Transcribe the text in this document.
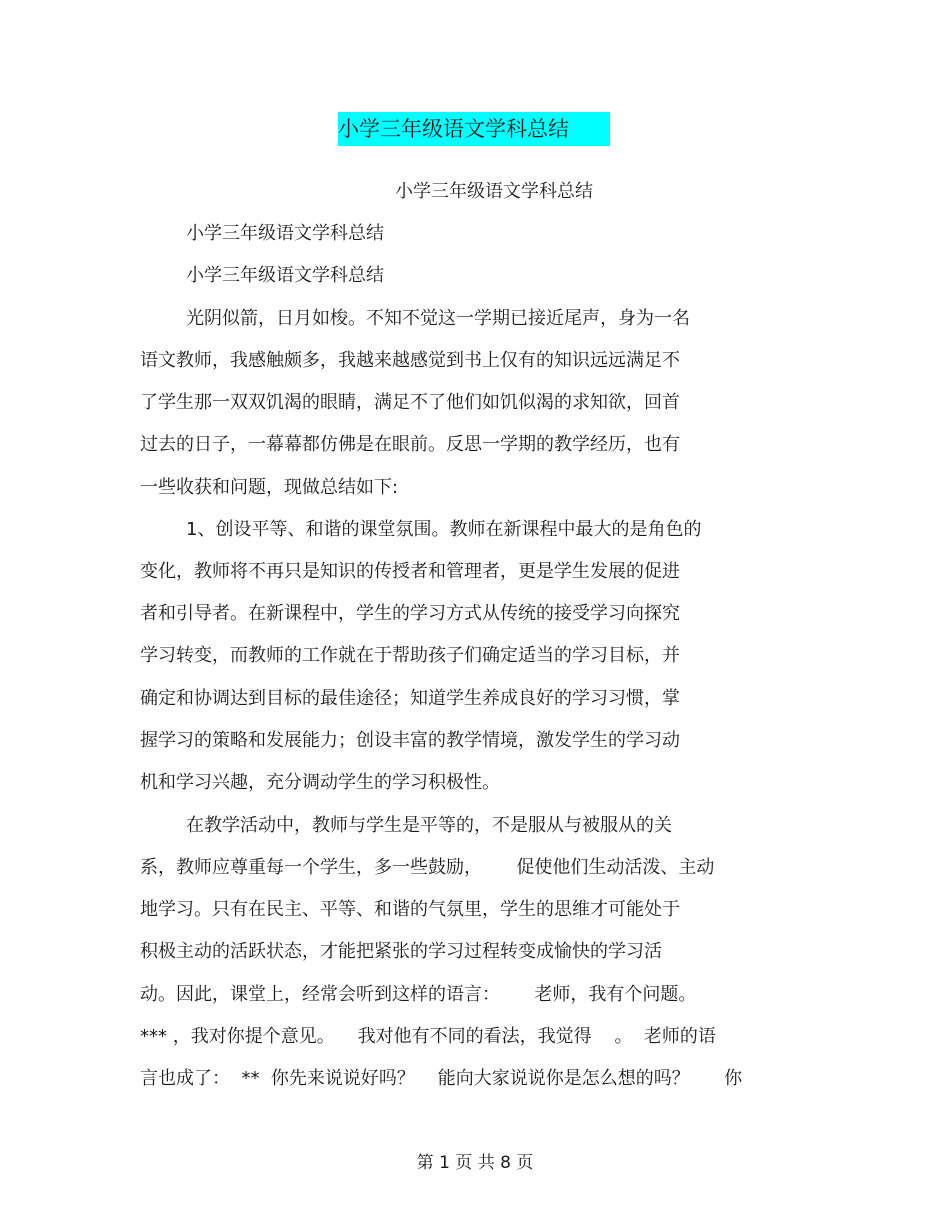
小学三年级语文学科总结
小学三年级语文学科总结
小学三年级语文学科总结
小学三年级语文学科总结
光阴似箭，日月如梭。不知不觉这一学期已接近尾声，身为一名
语文教师，我感触颇多，我越来越感觉到书上仅有的知识远远满足不
了学生那一双双饥渴的眼睛，满足不了他们如饥似渴的求知欲，回首
过去的日子，一幕幕都仿佛是在眼前。反思一学期的教学经历，也有
一些收获和问题，现做总结如下:
1、创设平等、和谐的课堂氛围。教师在新课程中最大的是角色的
变化，教师将不再只是知识的传授者和管理者，更是学生发展的促进
者和引导者。在新课程中，学生的学习方式从传统的接受学习向探究
学习转变，而教师的工作就在于帮助孩子们确定适当的学习目标，并
确定和协调达到目标的最佳途径；知道学生养成良好的学习习惯，掌
握学习的策略和发展能力；创设丰富的教学情境，激发学生的学习动
机和学习兴趣，充分调动学生的学习积极性。
在教学活动中，教师与学生是平等的，不是服从与被服从的关
系，教师应尊重每一个学生，多一些鼓励，      促使他们生动活泼、主动
地学习。只有在民主、平等、和谐的气氛里，学生的思维才可能处于
积极主动的活跃状态，才能把紧张的学习过程转变成愉快的学习活
动。因此，课堂上，经常会听到这样的语言：      老师，我有个问题。
*** ，我对你提个意见。    我对他有不同的看法，我觉得    。  老师的语
言也成了：  **  你先来说说好吗？    能向大家说说你是怎么想的吗？      你
第 1 页 共 8 页
